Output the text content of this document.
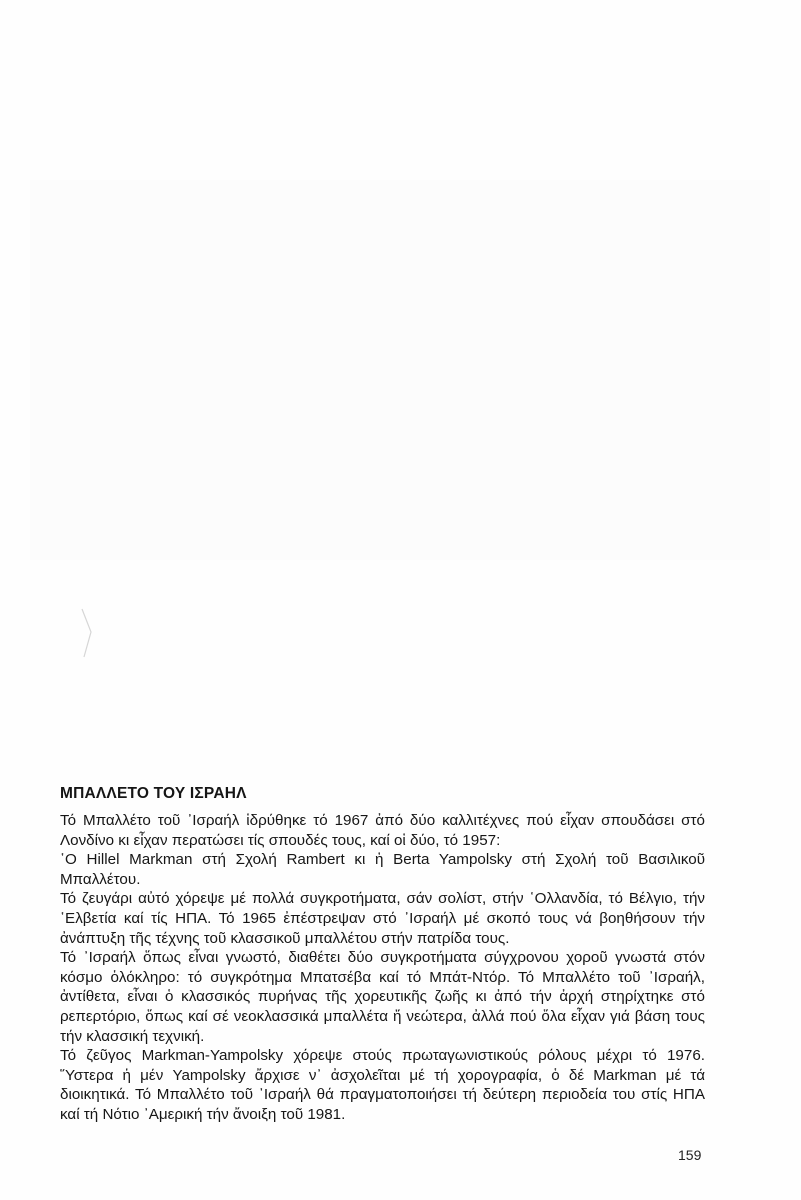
ΜΠΑΛΛΕΤΟ ΤΟΥ ΙΣΡΑΗΛ

Τό Μπαλλέτο τοῦ ᾿Ισραήλ ἱδρύθηκε τό 1967 ἀπό δύο καλλιτέχνες πού εἶχαν σπουδάσει στό Λονδίνο κι εἶχαν περατώσει τίς σπουδές τους, καί οἱ δύο, τό 1957:

῾Ο Hillel Markman στή Σχολή Rambert κι ἡ Berta Yampolsky στή Σχολή τοῦ Βασιλικοῦ Μπαλλέτου.

Τό ζευγάρι αὐτό χόρεψε μέ πολλά συγκροτήματα, σάν σολίστ, στήν ῾Ολλανδία, τό Βέλγιο, τήν ῾Ελβετία καί τίς ΗΠΑ. Τό 1965 ἐπέστρεψαν στό ᾿Ισραήλ μέ σκοπό τους νά βοηθήσουν τήν ἀνάπτυξη τῆς τέχνης τοῦ κλασσικοῦ μπαλλέτου στήν πατρίδα τους.

Τό ᾿Ισραήλ ὅπως εἶναι γνωστό, διαθέτει δύο συγκροτήματα σύγχρονου χοροῦ γνωστά στόν κόσμο ὁλόκληρο: τό συγκρότημα Μπατσέβα καί τό Μπάτ-Ντόρ. Τό Μπαλλέτο τοῦ ᾿Ισραήλ, ἀντίθετα, εἶναι ὁ κλασσικός πυρήνας τῆς χορευτικῆς ζωῆς κι ἀπό τήν ἀρχή στηρίχτηκε στό ρεπερτόριο, ὅπως καί σέ νεοκλασσικά μπαλλέτα ἤ νεώτερα, ἀλλά πού ὅλα εἶχαν γιά βάση τους τήν κλασσική τεχνική.

Τό ζεῦγος Markman-Yampolsky χόρεψε στούς πρωταγωνιστικούς ρόλους μέχρι τό 1976. ῞Υστερα ἡ μέν Yampolsky ἄρχισε ν᾿ ἀσχολεῖται μέ τή χορογραφία, ὁ δέ Markman μέ τά διοικητικά. Τό Μπαλλέτο τοῦ ᾿Ισραήλ θά πραγματοποιήσει τή δεύτερη περιοδεία του στίς ΗΠΑ καί τή Νότιο ᾿Αμερική τήν ἄνοιξη τοῦ 1981.

159
